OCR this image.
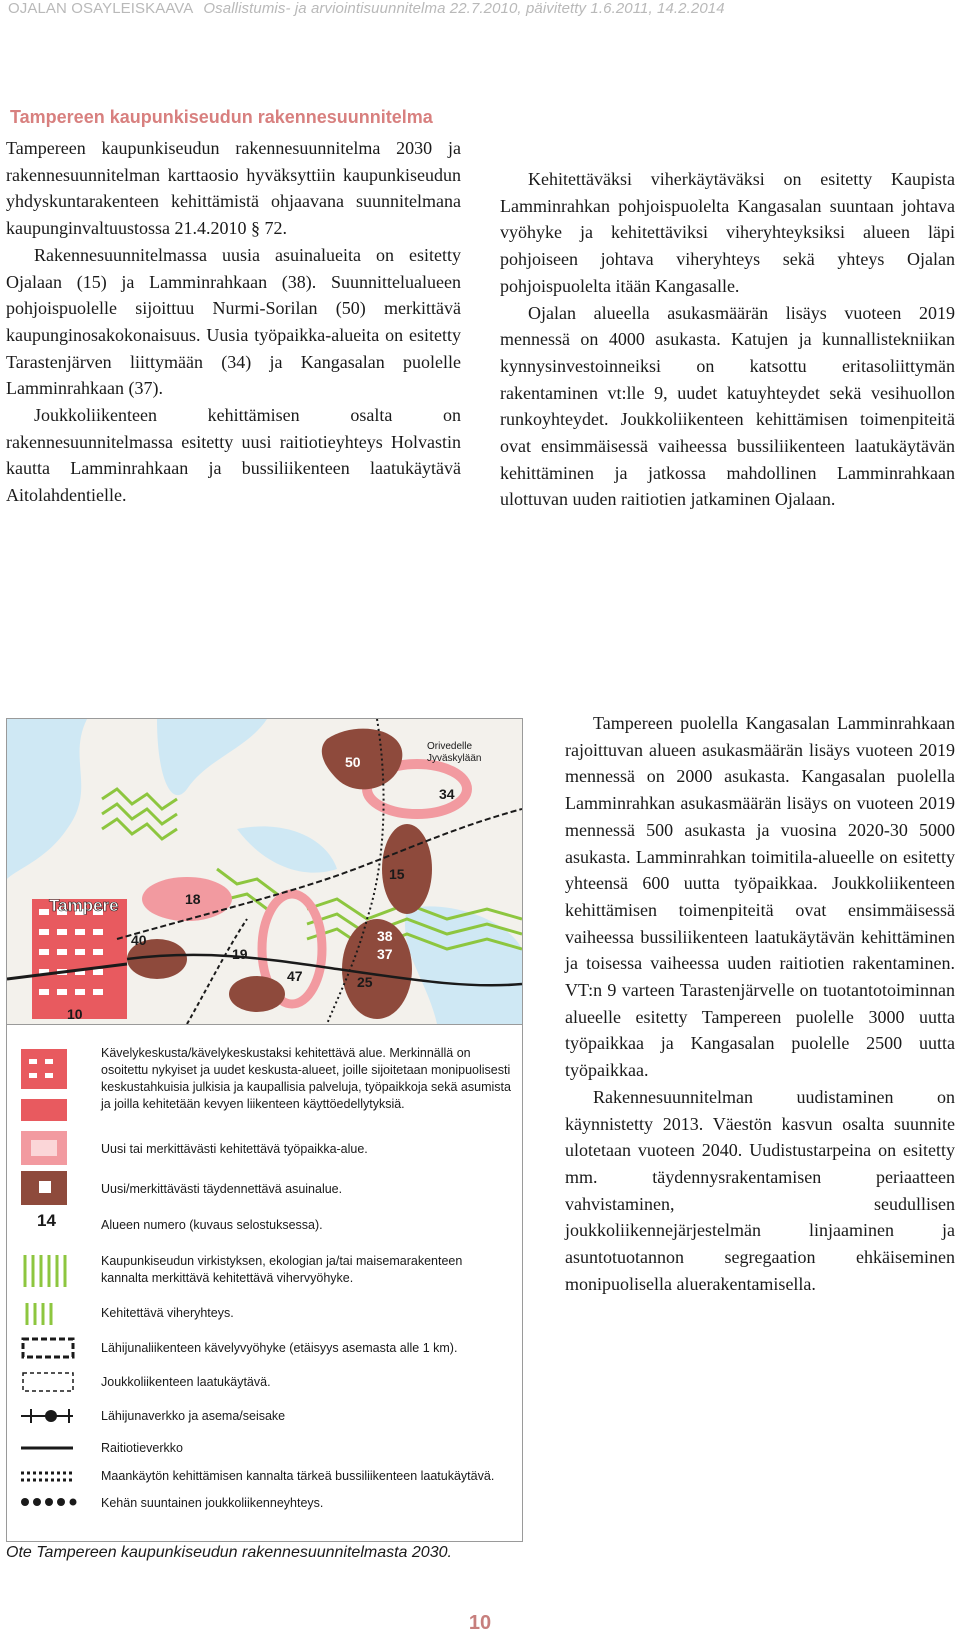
OJALAN OSAYLEISKAAVA Osallistumis- ja arviointisuunnitelma 22.7.2010, päivitetty 1.6.2011, 14.2.2014
Tampereen kaupunkiseudun rakennesuunnitelma

Tampereen kaupunkiseudun rakennesuunnitelma 2030 ja rakennesuunnitelman karttaosio hyväksyttiin kaupunkiseudun yhdyskuntarakenteen kehittämistä ohjaavana suunnitelmana kaupunginvaltuustossa 21.4.2010 § 72.

Rakennesuunnitelmassa uusia asuinalueita on esitetty Ojalaan (15) ja Lamminrahkaan (38). Suunnittelualueen pohjoispuolelle sijoittuu Nurmi-Sorilan (50) merkittävä kaupunginosakokonaisuus. Uusia työpaikka-alueita on esitetty Tarastenjärven liittymään (34) ja Kangasalan puolelle Lamminrahkaan (37).

Joukkoliikenteen kehittämisen osalta on rakennesuunnitelmassa esitetty uusi raitiotieyhteys Holvastin kautta Lamminrahkaan ja bussiliikenteen laatukäytävä Aitolahdentielle.

Kehitettäväksi viherkäytäväksi on esitetty Kaupista Lamminrahkan pohjoispuolelta Kangasalan suuntaan johtava vyöhyke ja kehitettäviksi viheryhteyksiksi alueen läpi pohjoiseen johtava viheryhteys sekä yhteys Ojalan pohjoispuolelta itään Kangasalle.

Ojalan alueella asukasmäärän lisäys vuoteen 2019 mennessä on 4000 asukasta. Katujen ja kunnallistekniikan kynnysinvestoinneiksi on katsottu eritasoliittymän rakentaminen vt:lle 9, uudet katuyhteydet sekä vesihuollon runkoyhteydet. Joukkoliikenteen kehittämisen toimenpiteitä ovat ensimmäisessä vaiheessa bussiliikenteen laatukäytävän kehittäminen ja jatkossa mahdollinen Lamminrahkaan ulottuvan uuden raitiotien jatkaminen Ojalaan.

Tampereen puolella Kangasalan Lamminrahkaan rajoittuvan alueen asukasmäärän lisäys vuoteen 2019 mennessä on 2000 asukasta. Kangasalan puolella Lamminrahkan asukasmäärän lisäys on vuoteen 2019 mennessä 500 asukasta ja vuosina 2020-30 5000 asukasta. Lamminrahkan toimitila-alueelle on esitetty yhteensä 600 uutta työpaikkaa. Joukkoliikenteen kehittämisen toimenpiteitä ovat ensimmäisessä vaiheessa bussiliikenteen laatukäytävän kehittäminen ja toisessa vaiheessa uuden raitiotien rakentaminen. VT:n 9 varteen Tarastenjärvelle on tuotantotoiminnan alueelle esitetty Tampereen puolelle 3000 uutta työpaikkaa ja Kangasalan puolelle 2500 uutta työpaikkaa.

Rakennesuunnitelman uudistaminen on käynnistetty 2013. Väestön kasvun osalta suunnite ulotetaan vuoteen 2040. Uudistustarpeina on esitetty mm. täydennysrakentamisen periaatteen vahvistaminen, seudullisen joukkoliikennejärjestelmän linjaaminen ja asuntotuotannon segregaation ehkäiseminen monipuolisella aluerakentamisella.

Orivedelle
Jyväskylään
Tampere
50
34
15
18
40
19
47
38
37
25
10
Kävelykeskusta/kävelykeskustaksi kehitettävä alue. Merkinnällä on osoitettu nykyiset ja uudet keskusta-alueet, joille sijoitetaan monipuolisesti keskustahkuisia julkisia ja kaupallisia palveluja, työpaikkoja sekä asumista ja joilla kehitetään kevyen liikenteen käyttöedellytyksiä.
Uusi tai merkittävästi kehitettävä työpaikka-alue.
Uusi/merkittävästi täydennettävä asuinalue.
14	Alueen numero (kuvaus selostuksessa).
Kaupunkiseudun virkistyksen, ekologian ja/tai maisemarakenteen kannalta merkittävä kehitettävä vihervyöhyke.
Kehitettävä viheryhteys.
Lähijunaliikenteen kävelyvyöhyke (etäisyys asemasta alle 1 km).
Joukkoliikenteen laatukäytävä.
Lähijunaverkko ja asema/seisake
Raitiotieverkko
Maankäytön kehittämisen kannalta tärkeä bussiliikenteen laatukäytävä.
Kehän suuntainen joukkoliikenneyhteys.
Ote Tampereen kaupunkiseudun rakennesuunnitelmasta 2030.
10
